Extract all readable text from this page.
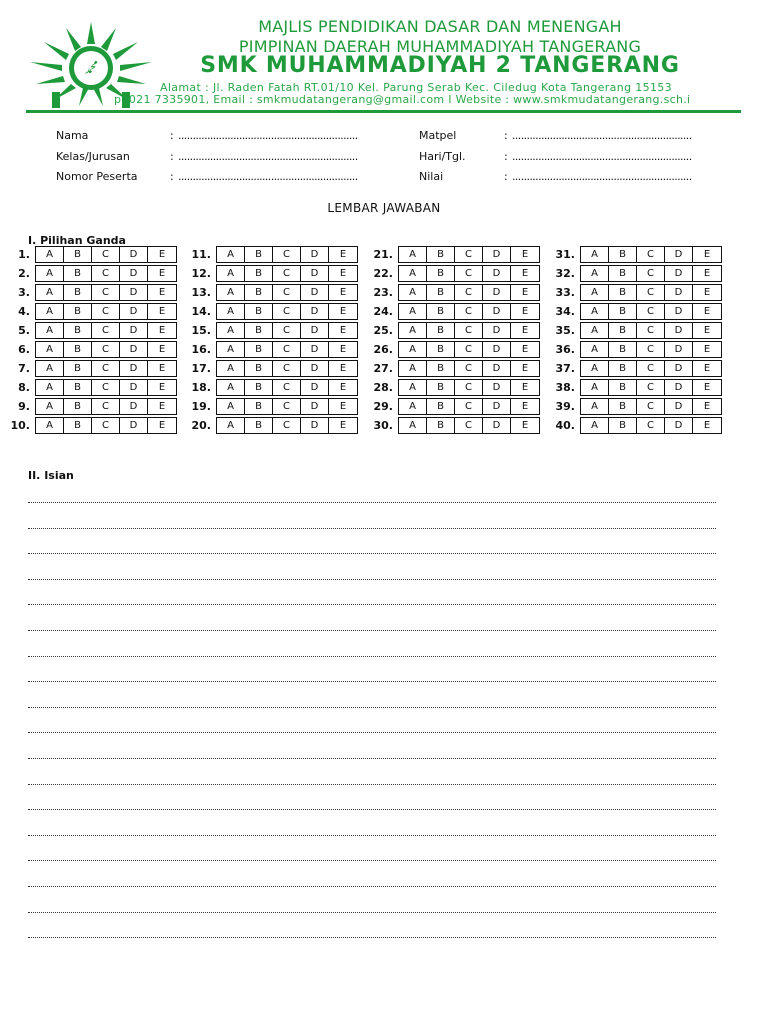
ﷴ
MAJLIS PENDIDIKAN DASAR DAN MENENGAH
PIMPINAN DAERAH MUHAMMADIYAH TANGERANG
SMK MUHAMMADIYAH 2 TANGERANG
Alamat : Jl. Raden Fatah RT.01/10 Kel. Parung Serab Kec. Ciledug Kota Tangerang 15153
p. 021 7335901, Email : smkmudatangerang@gmail.com I Website : www.smkmudatangerang.sch.i
Nama	: ..............................................................
Kelas/Jurusan	: ..............................................................
Nomor Peserta	: ..............................................................
Matpel	: ..............................................................
Hari/Tgl.	: ..............................................................
Nilai	: ..............................................................
LEMBAR JAWABAN
I. Pilihan Ganda
1.	A	B	C	D	E
2.	A	B	C	D	E
3.	A	B	C	D	E
4.	A	B	C	D	E
5.	A	B	C	D	E
6.	A	B	C	D	E
7.	A	B	C	D	E
8.	A	B	C	D	E
9.	A	B	C	D	E
10.	A	B	C	D	E
11.	A	B	C	D	E
12.	A	B	C	D	E
13.	A	B	C	D	E
14.	A	B	C	D	E
15.	A	B	C	D	E
16.	A	B	C	D	E
17.	A	B	C	D	E
18.	A	B	C	D	E
19.	A	B	C	D	E
20.	A	B	C	D	E
21.	A	B	C	D	E
22.	A	B	C	D	E
23.	A	B	C	D	E
24.	A	B	C	D	E
25.	A	B	C	D	E
26.	A	B	C	D	E
27.	A	B	C	D	E
28.	A	B	C	D	E
29.	A	B	C	D	E
30.	A	B	C	D	E
31.	A	B	C	D	E
32.	A	B	C	D	E
33.	A	B	C	D	E
34.	A	B	C	D	E
35.	A	B	C	D	E
36.	A	B	C	D	E
37.	A	B	C	D	E
38.	A	B	C	D	E
39.	A	B	C	D	E
40.	A	B	C	D	E
II. Isian
